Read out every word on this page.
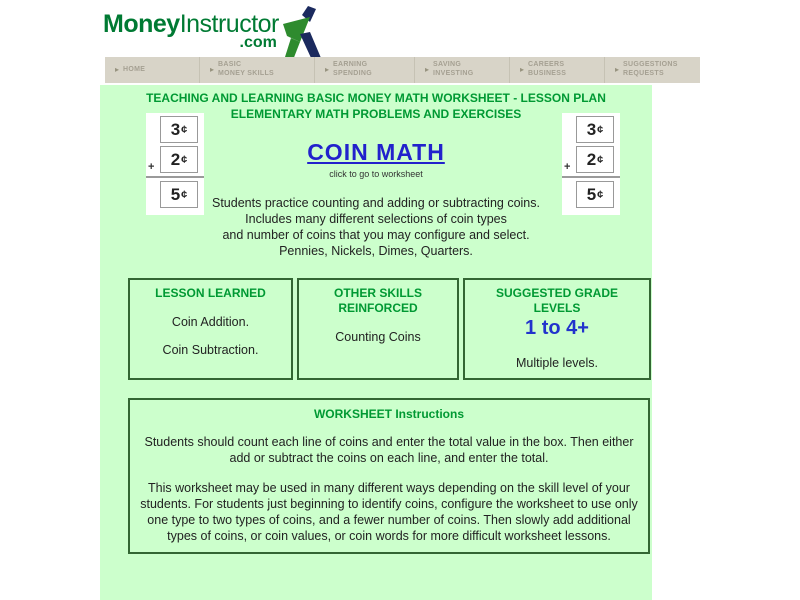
MoneyInstructor
.com
▸ HOME	▸
BASIC
MONEY SKILLS	▸
EARNING
SPENDING	▸
SAVING
INVESTING	▸
CAREERS
BUSINESS	▸
SUGGESTIONS
REQUESTS
TEACHING AND LEARNING BASIC MONEY MATH WORKSHEET - LESSON PLAN
ELEMENTARY MATH PROBLEMS AND EXERCISES
3 ¢
+ 2 ¢
5 ¢
3 ¢
+ 2 ¢
5 ¢
COIN MATH
click to go to worksheet
Students practice counting and adding or subtracting coins.
Includes many different selections of coin types
and number of coins that you may configure and select.
Pennies, Nickels, Dimes, Quarters.
LESSON LEARNED
Coin Addition.
Coin Subtraction.
OTHER SKILLS REINFORCED
Counting Coins
SUGGESTED GRADE LEVELS
1 to 4+
Multiple levels.
WORKSHEET Instructions

Students should count each line of coins and enter the total value in the box. Then either add or subtract the coins on each line, and enter the total.

This worksheet may be used in many different ways depending on the skill level of your students. For students just beginning to identify coins, configure the worksheet to use only one type to two types of coins, and a fewer number of coins. Then slowly add additional types of coins, or coin values, or coin words for more difficult worksheet lessons.
